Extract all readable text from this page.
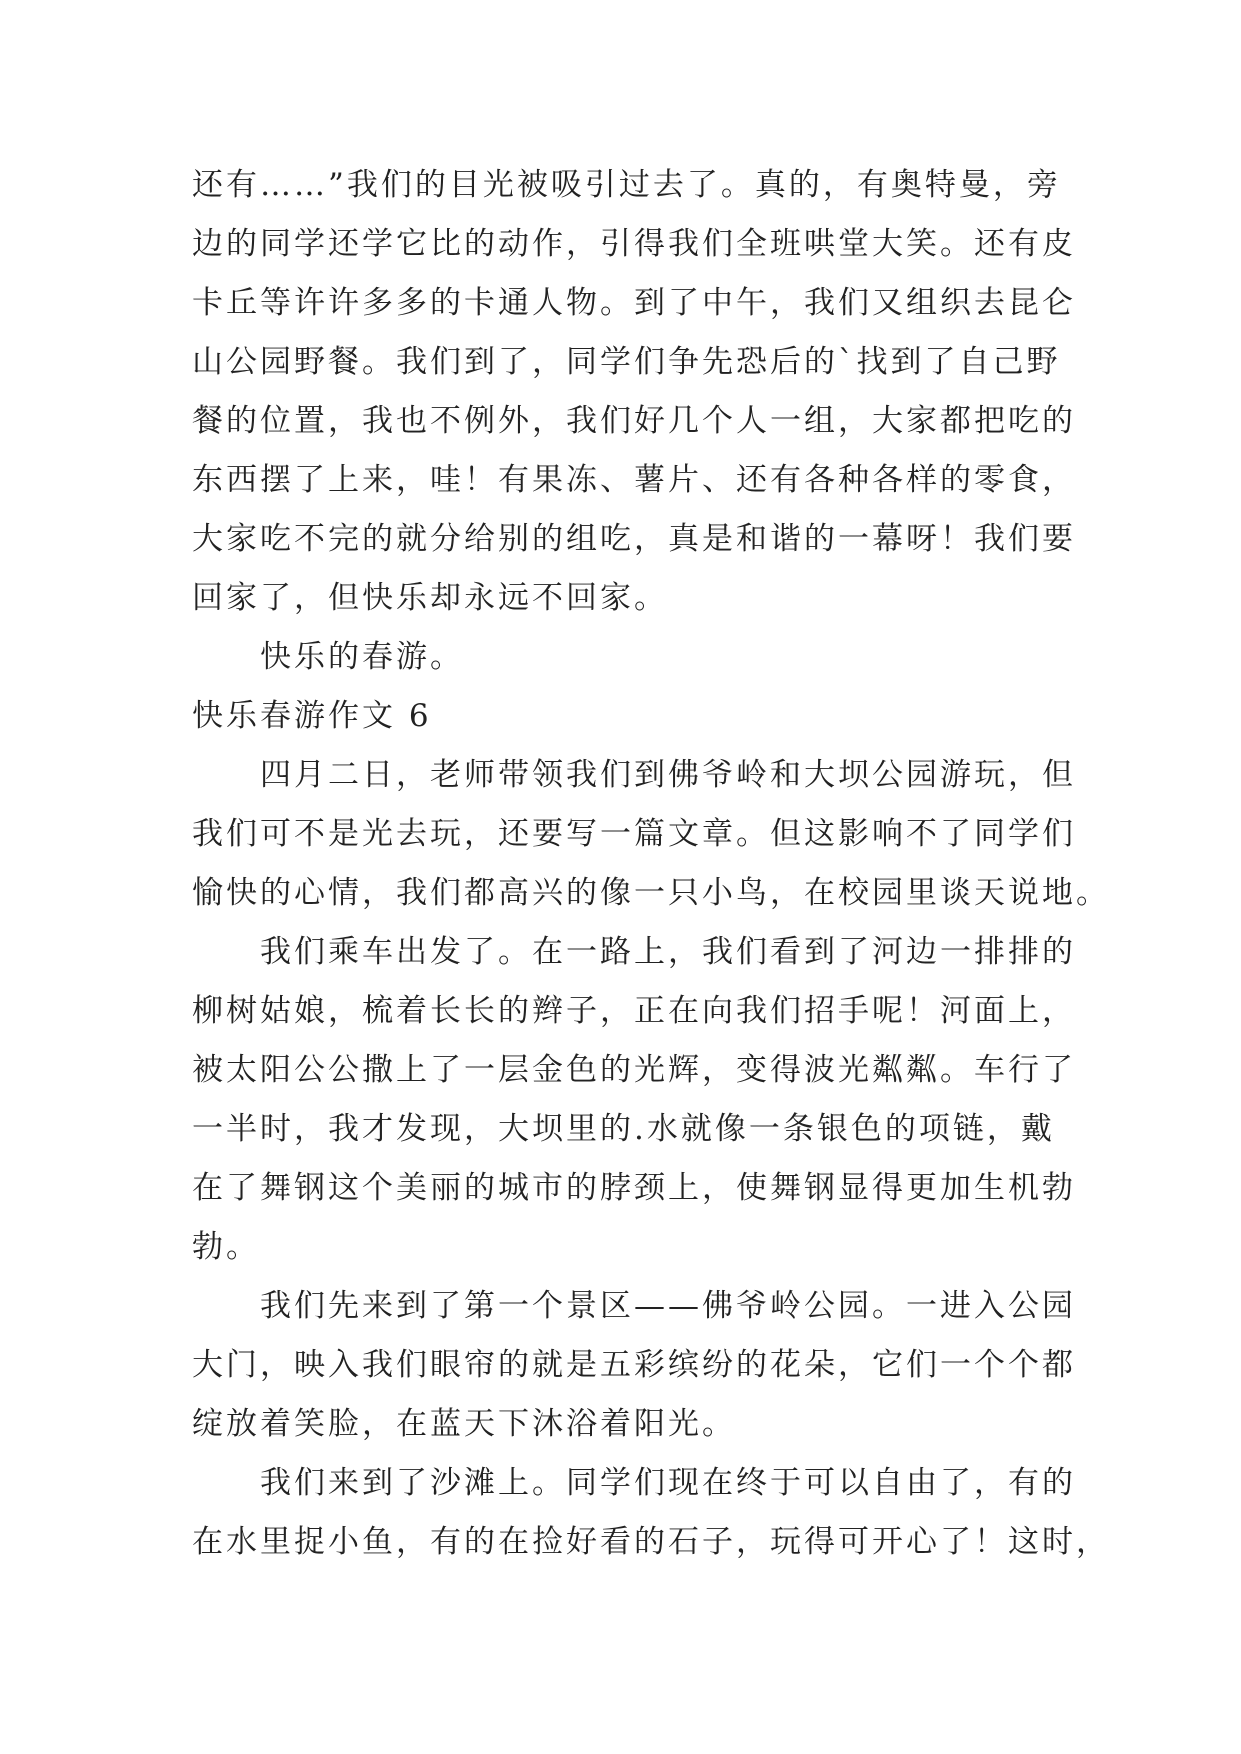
还有……”我们的目光被吸引过去了。真的，有奥特曼，旁

边的同学还学它比的动作，引得我们全班哄堂大笑。还有皮

卡丘等许许多多的卡通人物。到了中午，我们又组织去昆仑

山公园野餐。我们到了，同学们争先恐后的`找到了自己野

餐的位置，我也不例外，我们好几个人一组，大家都把吃的

东西摆了上来，哇！有果冻、薯片、还有各种各样的零食，

大家吃不完的就分给别的组吃，真是和谐的一幕呀！我们要

回家了，但快乐却永远不回家。

快乐的春游。

快乐春游作文 6

四月二日，老师带领我们到佛爷岭和大坝公园游玩，但

我们可不是光去玩，还要写一篇文章。但这影响不了同学们

愉快的心情，我们都高兴的像一只小鸟，在校园里谈天说地。

我们乘车出发了。在一路上，我们看到了河边一排排的

柳树姑娘，梳着长长的辫子，正在向我们招手呢！河面上，

被太阳公公撒上了一层金色的光辉，变得波光粼粼。车行了

一半时，我才发现，大坝里的.水就像一条银色的项链，戴

在了舞钢这个美丽的城市的脖颈上，使舞钢显得更加生机勃

勃。

我们先来到了第一个景区——佛爷岭公园。一进入公园

大门，映入我们眼帘的就是五彩缤纷的花朵，它们一个个都

绽放着笑脸，在蓝天下沐浴着阳光。

我们来到了沙滩上。同学们现在终于可以自由了，有的

在水里捉小鱼，有的在捡好看的石子，玩得可开心了！这时，
